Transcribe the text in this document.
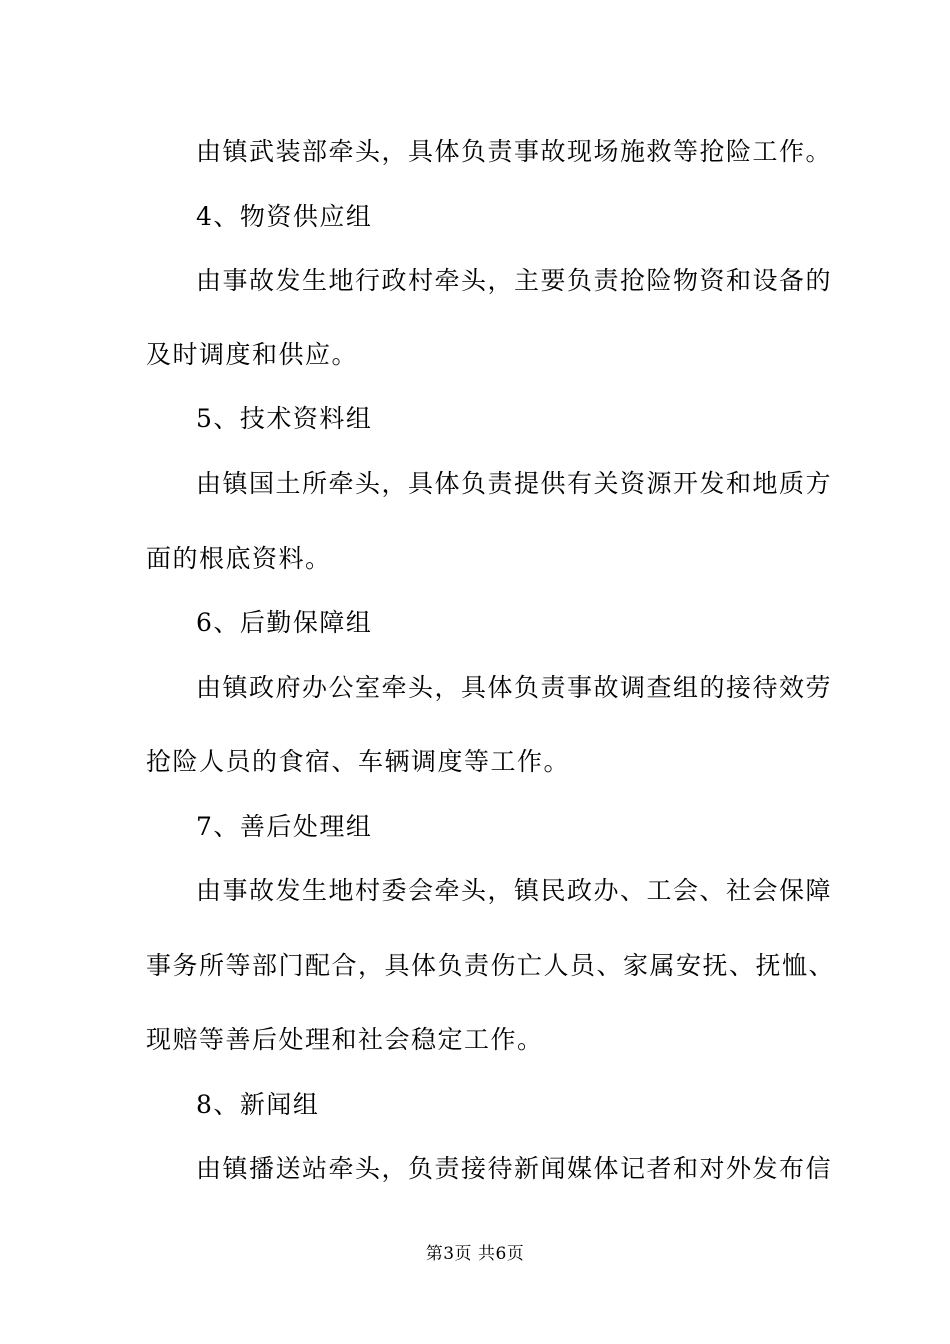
由镇武装部牵头，具体负责事故现场施救等抢险工作。
4、物资供应组
由事故发生地行政村牵头，主要负责抢险物资和设备的
及时调度和供应。
5、技术资料组
由镇国土所牵头，具体负责提供有关资源开发和地质方
面的根底资料。
6、后勤保障组
由镇政府办公室牵头，具体负责事故调查组的接待效劳
抢险人员的食宿、车辆调度等工作。
7、善后处理组
由事故发生地村委会牵头，镇民政办、工会、社会保障
事务所等部门配合，具体负责伤亡人员、家属安抚、抚恤、
现赔等善后处理和社会稳定工作。
8、新闻组
由镇播送站牵头，负责接待新闻媒体记者和对外发布信
第3页 共6页
